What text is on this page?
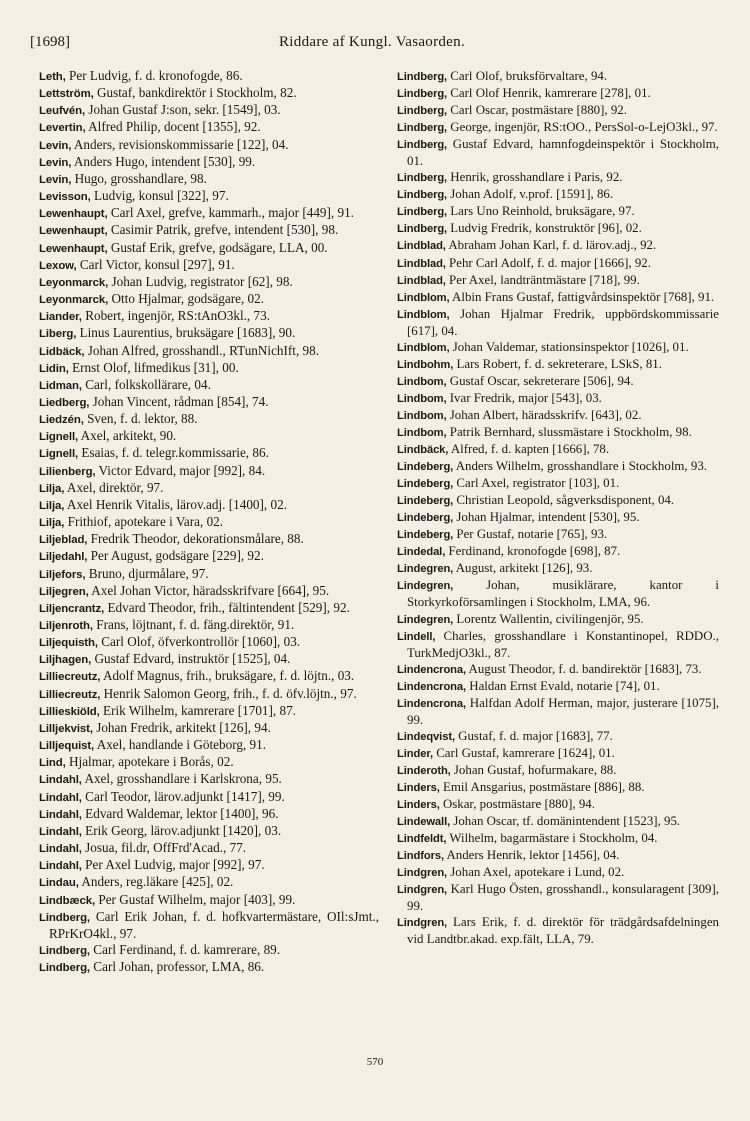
[1698]	Riddare af Kungl. Vasaorden.
Leth, Per Ludvig, f. d. kronofogde, 86.
Lettström, Gustaf, bankdirektör i Stockholm, 82.
Leufvén, Johan Gustaf J:son, sekr. [1549], 03.
Levertin, Alfred Philip, docent [1355], 92.
Levin, Anders, revisionskommissarie [122], 04.
Levin, Anders Hugo, intendent [530], 99.
Levin, Hugo, grosshandlare, 98.
Levisson, Ludvig, konsul [322], 97.
Lewenhaupt, Carl Axel, grefve, kammarh., major [449], 91.
Lewenhaupt, Casimir Patrik, grefve, intendent [530], 98.
Lewenhaupt, Gustaf Erik, grefve, godsägare, LLA, 00.
Lexow, Carl Victor, konsul [297], 91.
Leyonmarck, Johan Ludvig, registrator [62], 98.
Leyonmarck, Otto Hjalmar, godsägare, 02.
Liander, Robert, ingenjör, RS:tAnO3kl., 73.
Liberg, Linus Laurentius, bruksägare [1683], 90.
Lidbäck, Johan Alfred, grosshandl., RTunNichIft, 98.
Lidin, Ernst Olof, lifmedikus [31], 00.
Lidman, Carl, folkskollärare, 04.
Liedberg, Johan Vincent, rådman [854], 74.
Liedzén, Sven, f. d. lektor, 88.
Lignell, Axel, arkitekt, 90.
Lignell, Esaias, f. d. telegr.kommissarie, 86.
Lilienberg, Victor Edvard, major [992], 84.
Lilja, Axel, direktör, 97.
Lilja, Axel Henrik Vitalis, lärov.adj. [1400], 02.
Lilja, Frithiof, apotekare i Vara, 02.
Liljeblad, Fredrik Theodor, dekorationsmålare, 88.
Liljedahl, Per August, godsägare [229], 92.
Liljefors, Bruno, djurmålare, 97.
Liljegren, Axel Johan Victor, häradsskrifvare [664], 95.
Liljencrantz, Edvard Theodor, frih., fältintendent [529], 92.
Liljenroth, Frans, löjtnant, f. d. fäng.direktör, 91.
Liljequisth, Carl Olof, öfverkontrollör [1060], 03.
Liljhagen, Gustaf Edvard, instruktör [1525], 04.
Lilliecreutz, Adolf Magnus, frih., bruksägare, f. d. löjtn., 03.
Lilliecreutz, Henrik Salomon Georg, frih., f. d. öfv.löjtn., 97.
Lillieskiöld, Erik Wilhelm, kamrerare [1701], 87.
Lilljekvist, Johan Fredrik, arkitekt [126], 94.
Lilljequist, Axel, handlande i Göteborg, 91.
Lind, Hjalmar, apotekare i Borås, 02.
Lindahl, Axel, grosshandlare i Karlskrona, 95.
Lindahl, Carl Teodor, lärov.adjunkt [1417], 99.
Lindahl, Edvard Waldemar, lektor [1400], 96.
Lindahl, Erik Georg, lärov.adjunkt [1420], 03.
Lindahl, Josua, fil.dr, OffFrd'Acad., 77.
Lindahl, Per Axel Ludvig, major [992], 97.
Lindau, Anders, reg.läkare [425], 02.
Lindbæck, Per Gustaf Wilhelm, major [403], 99.
Lindberg, Carl Erik Johan, f. d. hofkvartermästare, OIl:sJmt., RPrKrO4kl., 97.
Lindberg, Carl Ferdinand, f. d. kamrerare, 89.
Lindberg, Carl Johan, professor, LMA, 86.
Lindberg, Carl Olof, bruksförvaltare, 94.
Lindberg, Carl Olof Henrik, kamrerare [278], 01.
Lindberg, Carl Oscar, postmästare [880], 92.
Lindberg, George, ingenjör, RS:tOO., PersSol-o-LejO3kl., 97.
Lindberg, Gustaf Edvard, hamnfogdeinspektör i Stockholm, 01.
Lindberg, Henrik, grosshandlare i Paris, 92.
Lindberg, Johan Adolf, v.prof. [1591], 86.
Lindberg, Lars Uno Reinhold, bruksägare, 97.
Lindberg, Ludvig Fredrik, konstruktör [96], 02.
Lindblad, Abraham Johan Karl, f. d. lärov.adj., 92.
Lindblad, Pehr Carl Adolf, f. d. major [1666], 92.
Lindblad, Per Axel, landträntmästare [718], 99.
Lindblom, Albin Frans Gustaf, fattigvårdsinspektör [768], 91.
Lindblom, Johan Hjalmar Fredrik, uppbördskommissarie [617], 04.
Lindblom, Johan Valdemar, stationsinspektor [1026], 01.
Lindbohm, Lars Robert, f. d. sekreterare, LSkS, 81.
Lindbom, Gustaf Oscar, sekreterare [506], 94.
Lindbom, Ivar Fredrik, major [543], 03.
Lindbom, Johan Albert, häradsskrifv. [643], 02.
Lindbom, Patrik Bernhard, slussmästare i Stockholm, 98.
Lindbäck, Alfred, f. d. kapten [1666], 78.
Lindeberg, Anders Wilhelm, grosshandlare i Stockholm, 93.
Lindeberg, Carl Axel, registrator [103], 01.
Lindeberg, Christian Leopold, sågverksdisponent, 04.
Lindeberg, Johan Hjalmar, intendent [530], 95.
Lindeberg, Per Gustaf, notarie [765], 93.
Lindedal, Ferdinand, kronofogde [698], 87.
Lindegren, August, arkitekt [126], 93.
Lindegren, Johan, musiklärare, kantor i Storkyrkoförsamlingen i Stockholm, LMA, 96.
Lindegren, Lorentz Wallentin, civilingenjör, 95.
Lindell, Charles, grosshandlare i Konstantinopel, RDDO., TurkMedjO3kl., 87.
Lindencrona, August Theodor, f. d. bandirektör [1683], 73.
Lindencrona, Haldan Ernst Evald, notarie [74], 01.
Lindencrona, Halfdan Adolf Herman, major, justerare [1075], 99.
Lindeqvist, Gustaf, f. d. major [1683], 77.
Linder, Carl Gustaf, kamrerare [1624], 01.
Linderoth, Johan Gustaf, hofurmakare, 88.
Linders, Emil Ansgarius, postmästare [886], 88.
Linders, Oskar, postmästare [880], 94.
Lindewall, Johan Oscar, tf. domänintendent [1523], 95.
Lindfeldt, Wilhelm, bagarmästare i Stockholm, 04.
Lindfors, Anders Henrik, lektor [1456], 04.
Lindgren, Johan Axel, apotekare i Lund, 02.
Lindgren, Karl Hugo Östen, grosshandl., konsularagent [309], 99.
Lindgren, Lars Erik, f. d. direktör för trädgårdsafdelningen vid Landtbr.akad. exp.fält, LLA, 79.
570
